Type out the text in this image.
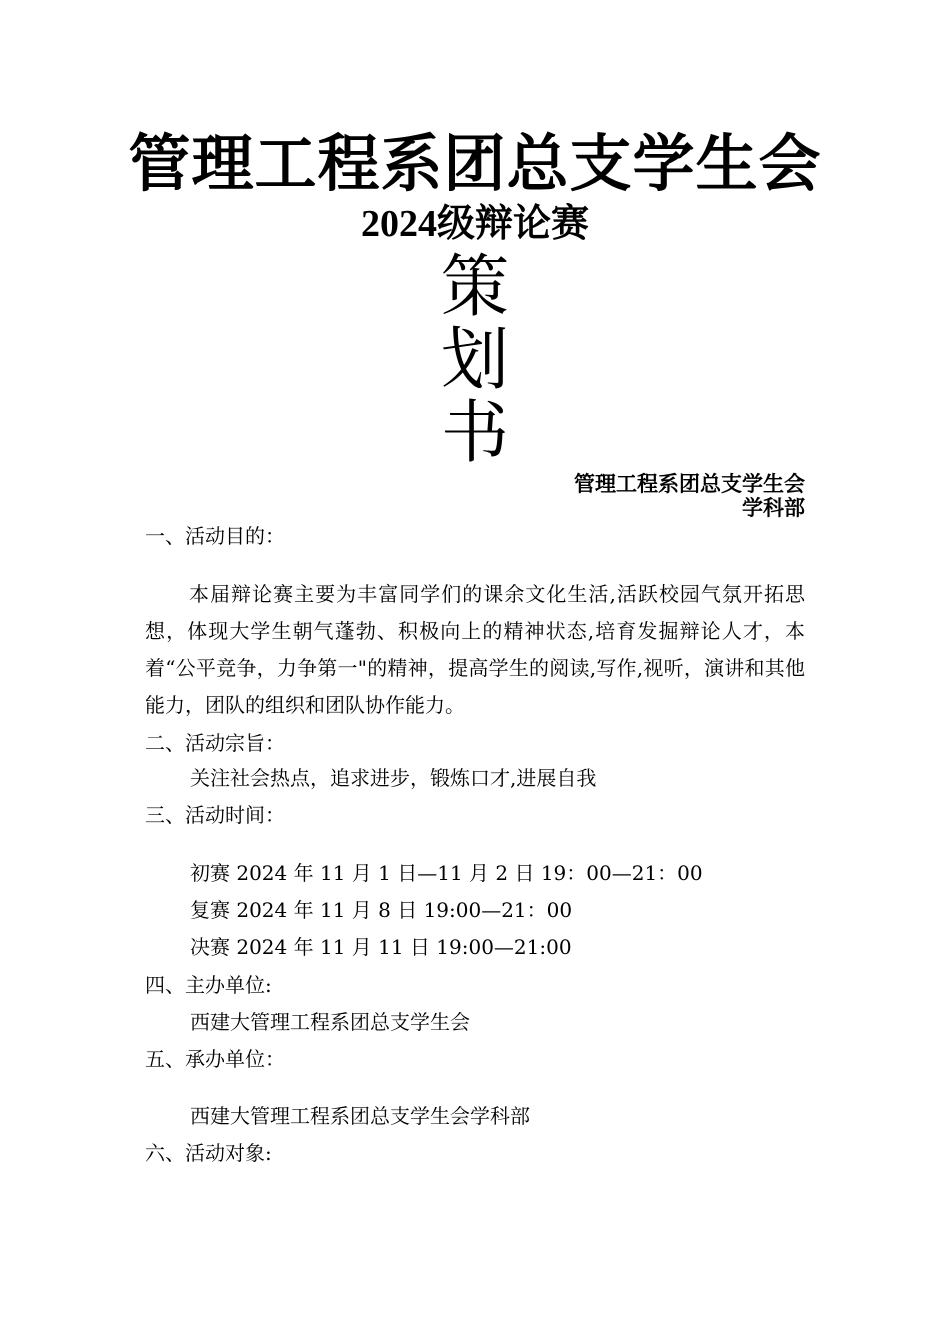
管理工程系团总支学生会
2024级辩论赛
策
划
书
管理工程系团总支学生会
学科部
一、活动目的：
本届辩论赛主要为丰富同学们的课余文化生活,活跃校园气氛开拓思想，体现大学生朝气蓬勃、积极向上的精神状态,培育发掘辩论人才，本着“公平竞争，力争第一"的精神，提高学生的阅读,写作,视听，演讲和其他能力，团队的组织和团队协作能力。
二、活动宗旨：
关注社会热点，追求进步，锻炼口才,进展自我
三、活动时间：
初赛 2024 年 11 月 1 日—11 月 2 日 19：00—21：00
复赛 2024 年 11 月 8 日 19:00—21：00
决赛 2024 年 11 月 11 日 19:00—21:00
四、主办单位:
西建大管理工程系团总支学生会
五、承办单位：
西建大管理工程系团总支学生会学科部
六、活动对象:
